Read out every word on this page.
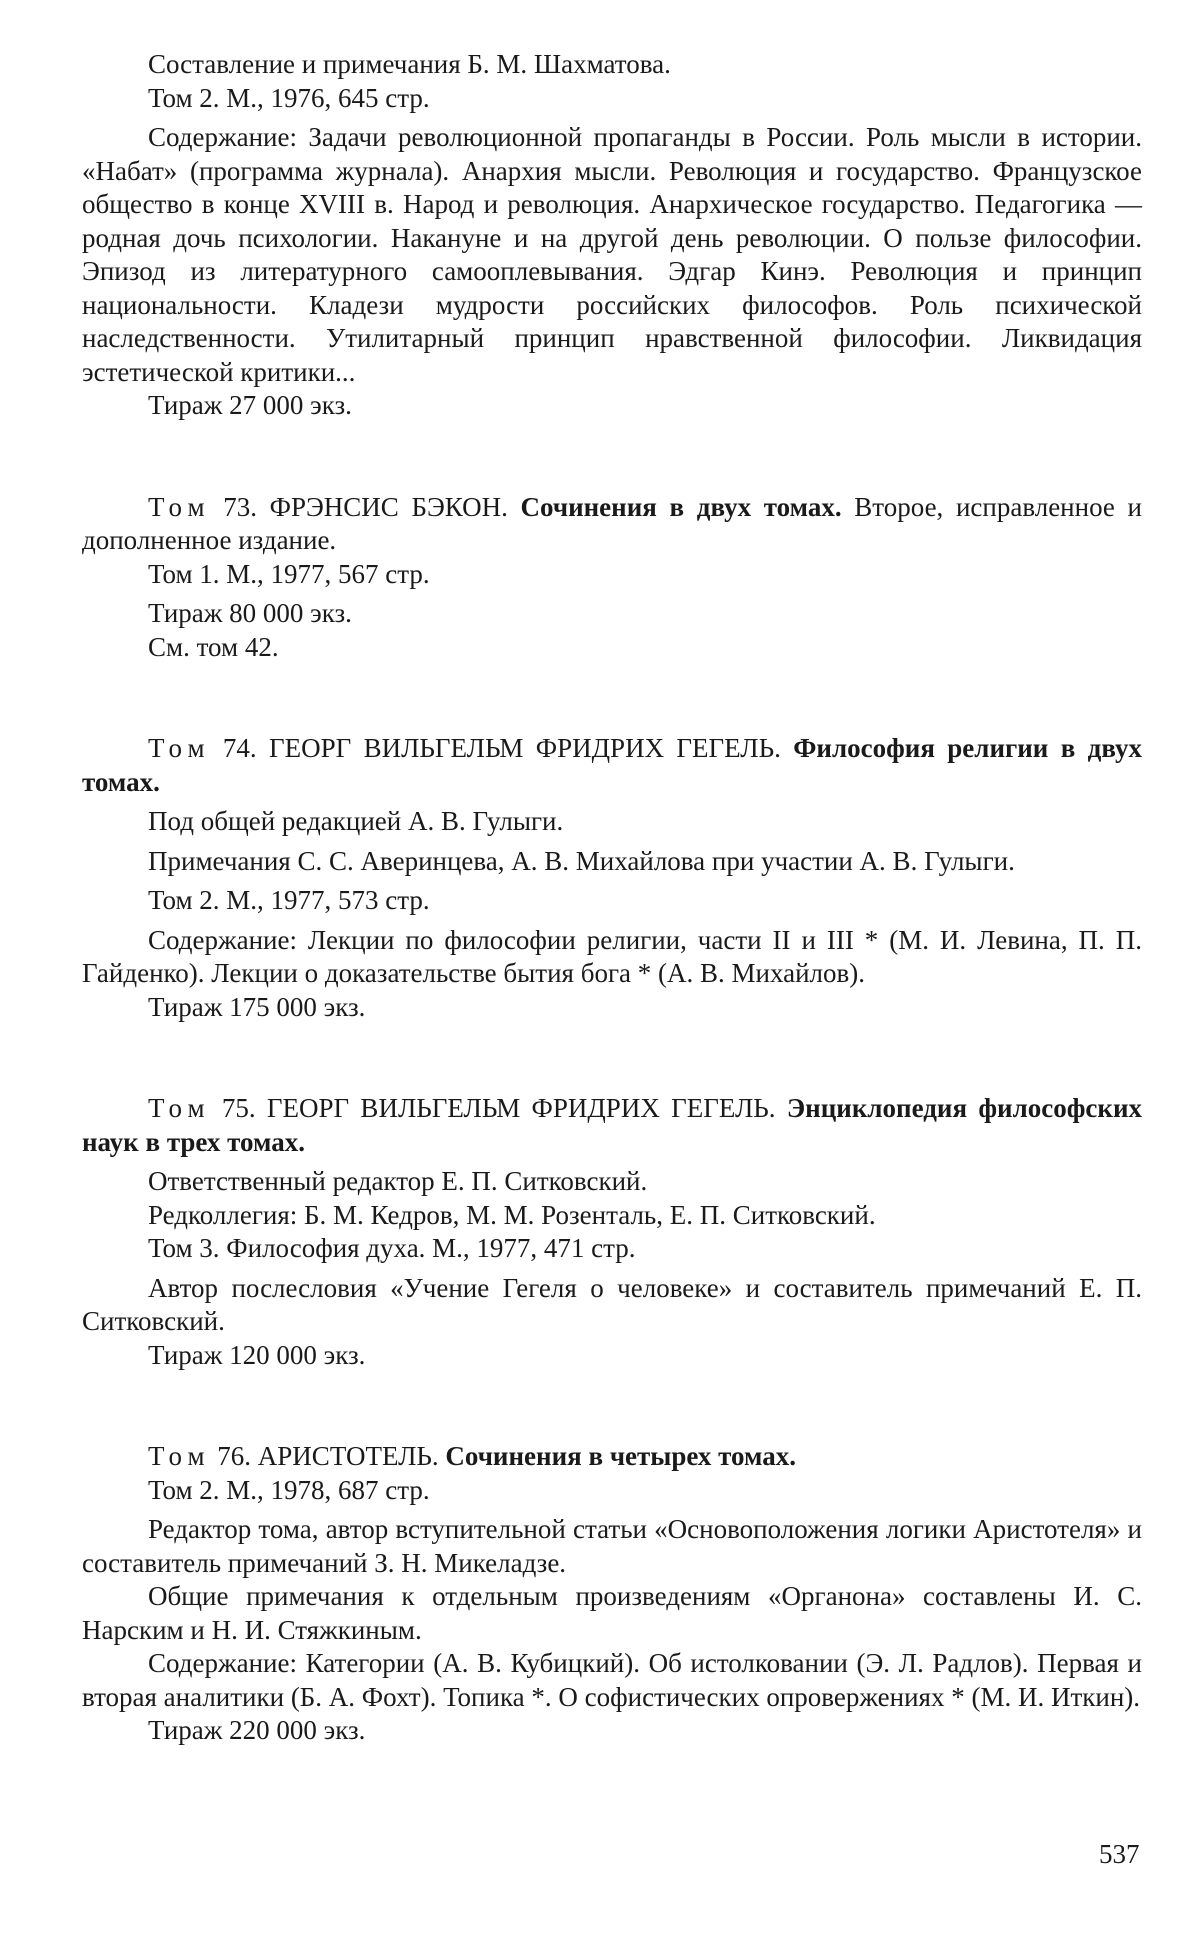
Составление и примечания Б. М. Шахматова.
Том 2. М., 1976, 645 стр.
Содержание: Задачи революционной пропаганды в России. Роль мысли в истории. «Набат» (программа журнала). Анархия мысли. Революция и государство. Французское общество в конце XVIII в. Народ и революция. Анархическое государство. Педагогика — родная дочь психологии. Накануне и на другой день революции. О пользе философии. Эпизод из литературного самооплевывания. Эдгар Кинэ. Революция и принцип национальности. Кладези мудрости российских философов. Роль психической наследственности. Утилитарный принцип нравственной философии. Ликвидация эстетической критики...
Тираж 27 000 экз.
Том 73. ФРЭНСИС БЭКОН. Сочинения в двух томах. Второе, исправленное и дополненное издание.
Том 1. М., 1977, 567 стр.
Тираж 80 000 экз.
См. том 42.
Том 74. ГЕОРГ ВИЛЬГЕЛЬМ ФРИДРИХ ГЕГЕЛЬ. Философия религии в двух томах.
Под общей редакцией А. В. Гулыги.
Примечания С. С. Аверинцева, А. В. Михайлова при участии А. В. Гулыги.
Том 2. М., 1977, 573 стр.
Содержание: Лекции по философии религии, части II и III * (М. И. Левина, П. П. Гайденко). Лекции о доказательстве бытия бога * (А. В. Михайлов).
Тираж 175 000 экз.
Том 75. ГЕОРГ ВИЛЬГЕЛЬМ ФРИДРИХ ГЕГЕЛЬ. Энциклопедия философских наук в трех томах.
Ответственный редактор Е. П. Ситковский.
Редколлегия: Б. М. Кедров, М. М. Розенталь, Е. П. Ситковский.
Том 3. Философия духа. М., 1977, 471 стр.
Автор послесловия «Учение Гегеля о человеке» и составитель примечаний Е. П. Ситковский.
Тираж 120 000 экз.
Том 76. АРИСТОТЕЛЬ. Сочинения в четырех томах.
Том 2. М., 1978, 687 стр.
Редактор тома, автор вступительной статьи «Основоположения логики Аристотеля» и составитель примечаний З. Н. Микеладзе.
Общие примечания к отдельным произведениям «Органона» составлены И. С. Нарским и Н. И. Стяжкиным.
Содержание: Категории (А. В. Кубицкий). Об истолковании (Э. Л. Радлов). Первая и вторая аналитики (Б. А. Фохт). Топика *. О софистических опровержениях * (М. И. Иткин).
Тираж 220 000 экз.
537
